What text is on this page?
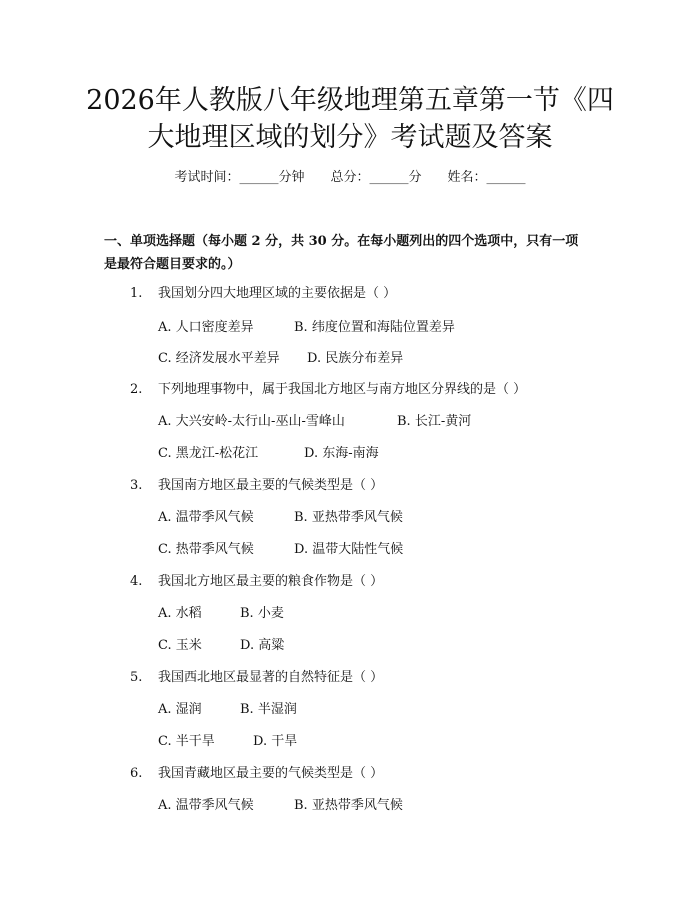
2026年人教版八年级地理第五章第一节《四
大地理区域的划分》考试题及答案
考试时间：______分钟 总分：______分 姓名：______
一、单项选择题（每小题 2 分，共 30 分。在每小题列出的四个选项中，只有一项
是最符合题目要求的。）
1. 我国划分四大地理区域的主要依据是（ ）
A. 人口密度差异	B. 纬度位置和海陆位置差异
C. 经济发展水平差异 D. 民族分布差异
2. 下列地理事物中，属于我国北方地区与南方地区分界线的是（ ）
A. 大兴安岭-太行山-巫山-雪峰山	B. 长江-黄河
C. 黑龙江-松花江	D. 东海-南海
3. 我国南方地区最主要的气候类型是（ ）
A. 温带季风气候	B. 亚热带季风气候
C. 热带季风气候	D. 温带大陆性气候
4. 我国北方地区最主要的粮食作物是（ ）
A. 水稻	B. 小麦
C. 玉米	D. 高粱
5. 我国西北地区最显著的自然特征是（ ）
A. 湿润	B. 半湿润
C. 半干旱	D. 干旱
6. 我国青藏地区最主要的气候类型是（ ）
A. 温带季风气候	B. 亚热带季风气候
